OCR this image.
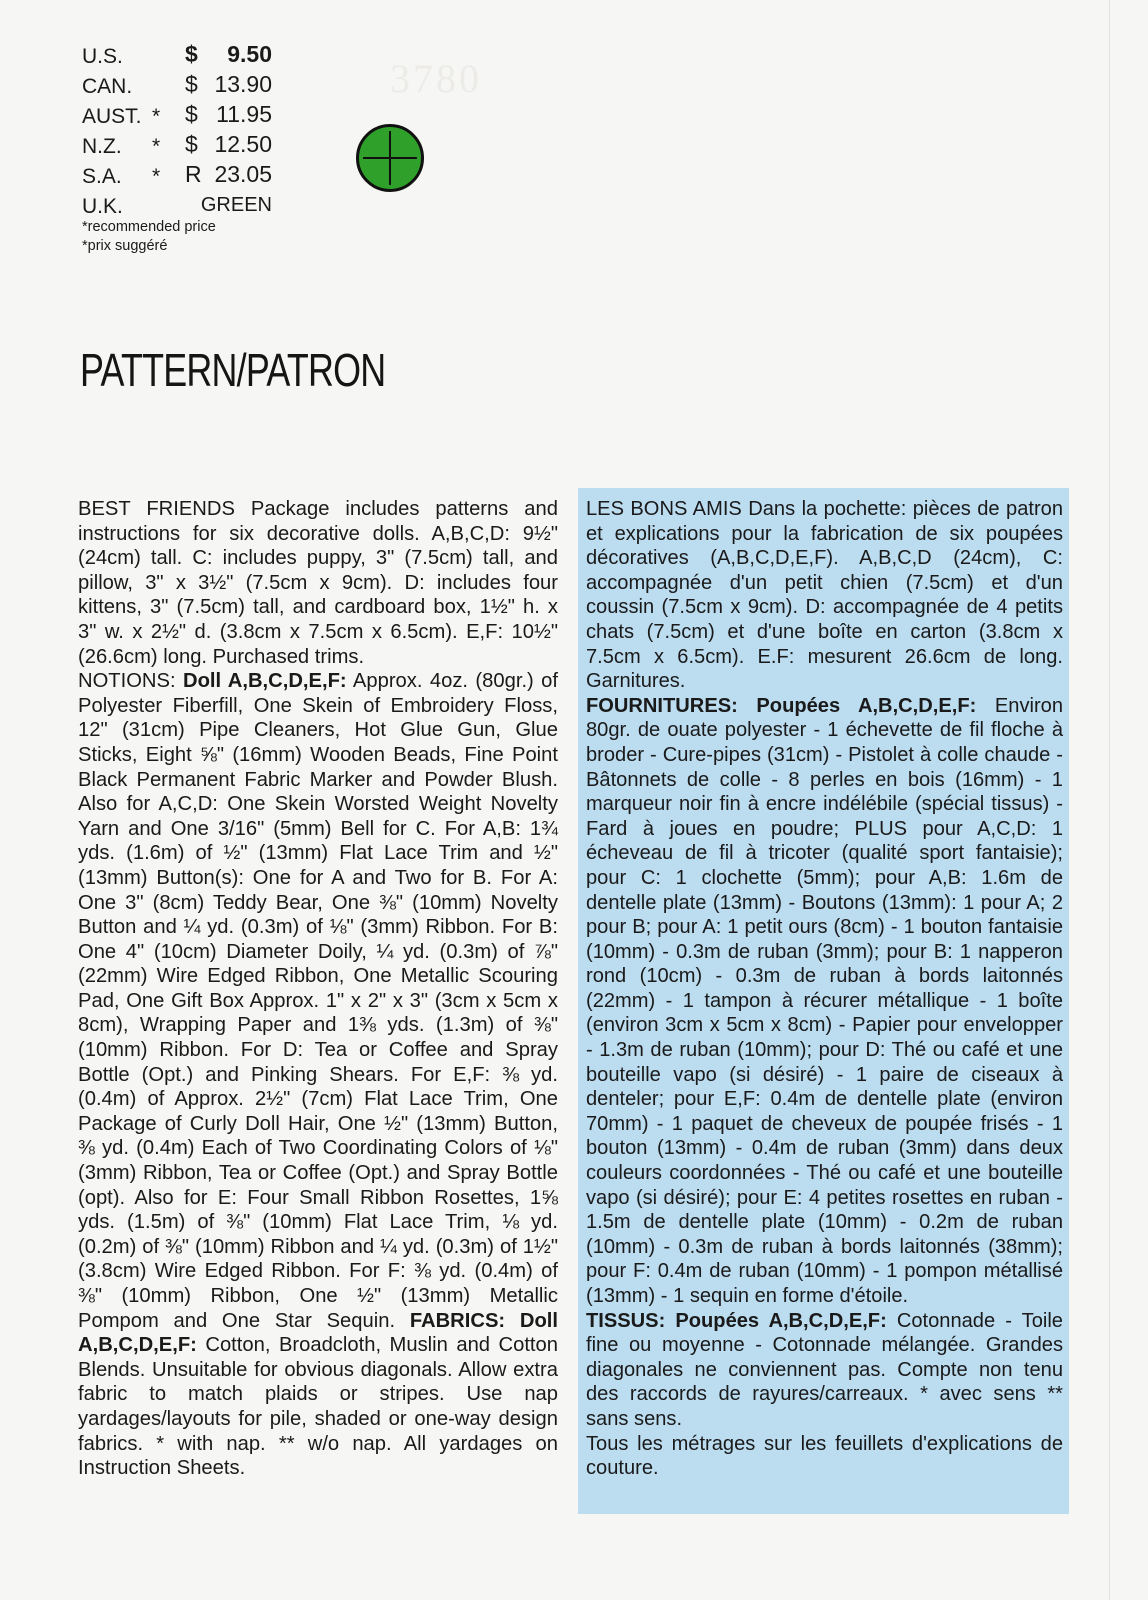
3780
U.S.	$ 9.50
CAN. $ 13.90
AUST. * $ 11.95
N.Z. * $ 12.50
S.A. * R 23.05
U.K.	GREEN
*recommended price
*prix suggéré
PATTERN/PATRON

BEST FRIENDS Package includes patterns and instructions for six decorative dolls. A,B,C,D: 9½" (24cm) tall. C: includes puppy, 3" (7.5cm) tall, and pillow, 3" x 3½" (7.5cm x 9cm). D: includes four kittens, 3" (7.5cm) tall, and cardboard box, 1½" h. x 3" w. x 2½" d. (3.8cm x 7.5cm x 6.5cm). E,F: 10½" (26.6cm) long. Purchased trims.
NOTIONS: Doll A,B,C,D,E,F: Approx. 4oz. (80gr.) of Polyester Fiberfill, One Skein of Embroidery Floss, 12" (31cm) Pipe Cleaners, Hot Glue Gun, Glue Sticks, Eight ⅝" (16mm) Wooden Beads, Fine Point Black Permanent Fabric Marker and Powder Blush. Also for A,C,D: One Skein Worsted Weight Novelty Yarn and One 3/16" (5mm) Bell for C. For A,B: 1¾ yds. (1.6m) of ½" (13mm) Flat Lace Trim and ½" (13mm) Button(s): One for A and Two for B. For A: One 3" (8cm) Teddy Bear, One ⅜" (10mm) Novelty Button and ¼ yd. (0.3m) of ⅛" (3mm) Ribbon. For B: One 4" (10cm) Diameter Doily, ¼ yd. (0.3m) of ⅞" (22mm) Wire Edged Ribbon, One Metallic Scouring Pad, One Gift Box Approx. 1" x 2" x 3" (3cm x 5cm x 8cm), Wrapping Paper and 1⅜ yds. (1.3m) of ⅜" (10mm) Ribbon. For D: Tea or Coffee and Spray Bottle (Opt.) and Pinking Shears. For E,F: ⅜ yd. (0.4m) of Approx. 2½" (7cm) Flat Lace Trim, One Package of Curly Doll Hair, One ½" (13mm) Button, ⅜ yd. (0.4m) Each of Two Coordinating Colors of ⅛" (3mm) Ribbon, Tea or Coffee (Opt.) and Spray Bottle (opt). Also for E: Four Small Ribbon Rosettes, 1⅝ yds. (1.5m) of ⅜" (10mm) Flat Lace Trim, ⅛ yd. (0.2m) of ⅜" (10mm) Ribbon and ¼ yd. (0.3m) of 1½" (3.8cm) Wire Edged Ribbon. For F: ⅜ yd. (0.4m) of ⅜" (10mm) Ribbon, One ½" (13mm) Metallic Pompom and One Star Sequin. FABRICS: Doll A,B,C,D,E,F: Cotton, Broadcloth, Muslin and Cotton Blends. Unsuitable for obvious diagonals. Allow extra fabric to match plaids or stripes. Use nap yardages/layouts for pile, shaded or one-way design fabrics. * with nap. ** w/o nap. All yardages on Instruction Sheets.

LES BONS AMIS Dans la pochette: pièces de patron et explications pour la fabrication de six poupées décoratives (A,B,C,D,E,F). A,B,C,D (24cm), C: accompagnée d'un petit chien (7.5cm) et d'un coussin (7.5cm x 9cm). D: accompagnée de 4 petits chats (7.5cm) et d'une boîte en carton (3.8cm x 7.5cm x 6.5cm). E.F: mesurent 26.6cm de long. Garnitures.
FOURNITURES: Poupées A,B,C,D,E,F: Environ 80gr. de ouate polyester - 1 échevette de fil floche à broder - Cure-pipes (31cm) - Pistolet à colle chaude - Bâtonnets de colle - 8 perles en bois (16mm) - 1 marqueur noir fin à encre indélébile (spécial tissus) - Fard à joues en poudre; PLUS pour A,C,D: 1 écheveau de fil à tricoter (qualité sport fantaisie); pour C: 1 clochette (5mm); pour A,B: 1.6m de dentelle plate (13mm) - Boutons (13mm): 1 pour A; 2 pour B; pour A: 1 petit ours (8cm) - 1 bouton fantaisie (10mm) - 0.3m de ruban (3mm); pour B: 1 napperon rond (10cm) - 0.3m de ruban à bords laitonnés (22mm) - 1 tampon à récurer métallique - 1 boîte (environ 3cm x 5cm x 8cm) - Papier pour envelopper - 1.3m de ruban (10mm); pour D: Thé ou café et une bouteille vapo (si désiré) - 1 paire de ciseaux à denteler; pour E,F: 0.4m de dentelle plate (environ 70mm) - 1 paquet de cheveux de poupée frisés - 1 bouton (13mm) - 0.4m de ruban (3mm) dans deux couleurs coordonnées - Thé ou café et une bouteille vapo (si désiré); pour E: 4 petites rosettes en ruban - 1.5m de dentelle plate (10mm) - 0.2m de ruban (10mm) - 0.3m de ruban à bords laitonnés (38mm); pour F: 0.4m de ruban (10mm) - 1 pompon métallisé (13mm) - 1 sequin en forme d'étoile.
TISSUS: Poupées A,B,C,D,E,F: Cotonnade - Toile fine ou moyenne - Cotonnade mélangée. Grandes diagonales ne conviennent pas. Compte non tenu des raccords de rayures/carreaux. * avec sens ** sans sens.
Tous les métrages sur les feuillets d'explications de couture.
